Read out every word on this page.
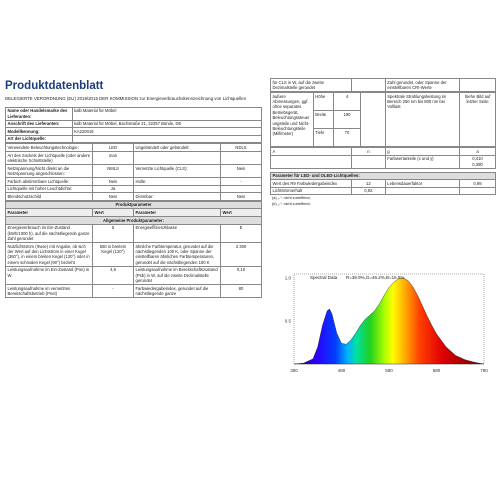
Produktdatenblatt
DELEGIERTE VERORDNUNG (EU) 2019/2015 DER KOMMISSION zur Energieverbrauchskennzeichnung von Lichtquellen
Name oder Handelsmarke des Lieferanten:	kalb Material für Möbel
Anschrift des Lieferanten:	kalb Material für Möbel, Bachstraße 21, 32257 Bünde, DE
Modellkennung:	KA220016
Art der Lichtquelle:	
Verwendete Beleuchtungstechnologie:	LED	Ungebündelt oder gebündelt:	NDLS
Art des Sockels der Lichtquelle (oder andere elektrische Schnittstelle)	man		
Netzspannung/Nicht direkt an die Netzspannung angeschlossen:	NMLS	Vernetzte Lichtquelle (CLS):	Nein
Farbich abstimmbare Lichtquelle:	Nein	Hülle:	-
Lichtquelle mit hoher Leuchtdichte:	Ja		
Blendschutzschild	Nein	Dimmbar:	Nein
Produktparameter			
Parameter	Wert	Parameter	Wert
Allgemeine Produktparameter:			
Energieverbrauch im Ein-Zustand (kWh/1000 h), auf die nächstliegende ganze Zahl gerundet	5	Energieeffizienzklasse	E
Nutzlichtstrom (Φuse) mit Angabe, ob sich der Wert auf den Lichtstrom in einer Kugel (360°), in einem breiten Kegel (120°) oder in einem schmalen Kegel (90°) bezieht	550 in breitem Kegel (120°)	ähnliche Farbtemperatur, gerundet auf die nächstliegenden 100 K, oder Spanne der einstellbaren ähnlichen Farbtemperaturen, gerundet auf die nächstliegenden 100 K	3 300
Leistungsaufnahme im Ein-Zustand (Pon) in W	4,6	Leistungsaufnahme im Bereitschaftszustand (Psb) in W, auf die zweite Dezimalstelle gerundet	0,10
Leistungsaufnahme im vernetzten Bereitschaftsbetrieb (Pnet)	-	Farbwiedergabeindex, gerundet auf die nächstliegende ganze	80
für CLS in W, auf die zweite Dezimalstelle gerundet		Zahl gerundet, oder Spanne der einstellbaren CRI-Werte	
äußere Abmessungen, ggf. ohne separates Betriebsgerät, Beleuchtungssteuerungsteile und Nicht-Beleuchtungsteile (Millimeter)	Höhe	4		Spektrale Strahlungsleistung im Bereich 250 nm bis 800 nm bei Volllast	Siehe Bild auf letzter Seite
	Breite	190			
	Tiefe	70			
A	n	g	a
		Farbwertanteile (x und y)	0,410
0,390
Parameter für LED- und OLED-Lichtquellen:			
Wert des R9 Farbwiedergabeindex	12	Lebensdauerfaktor	0,98
Lichtstromerhalt	0,92		
(a) „-“: nicht zutreffend;
(b) „-“: nicht zutreffend;
380	480	580	680	780
1.0
0.5
Spectral Data R=38.9%,G=46.2%,B=15.5%
